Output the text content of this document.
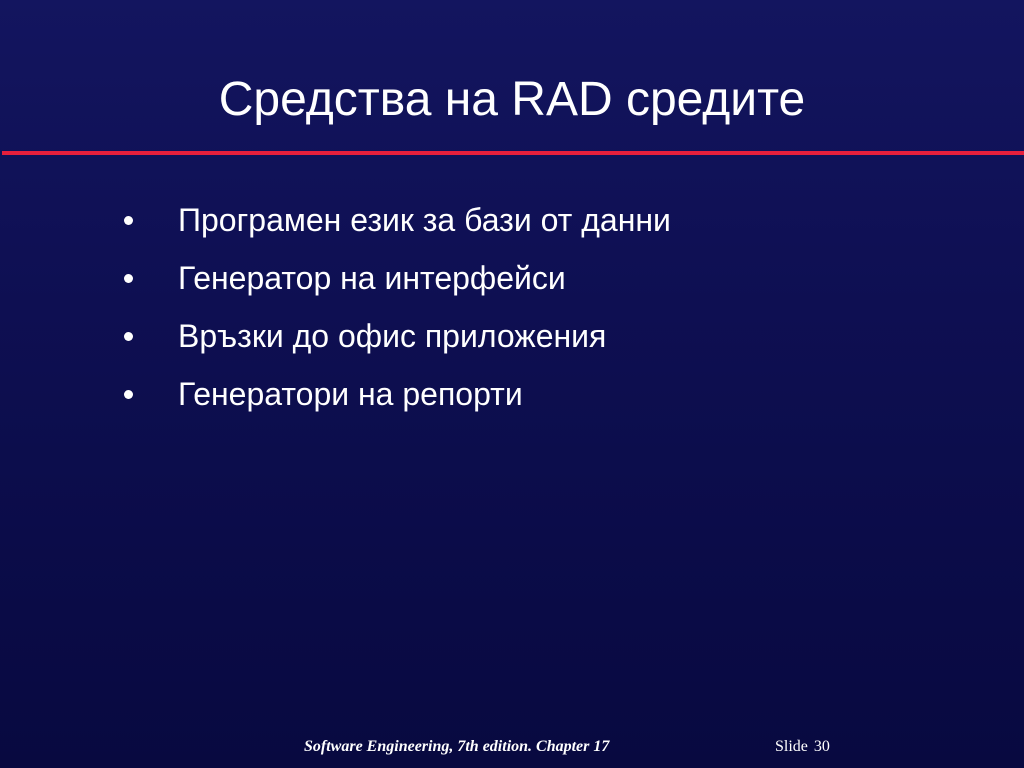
Средства на RAD средите
Програмен език за бази от данни
Генератор на интерфейси
Връзки до офис приложения
Генератори на репорти
Software Engineering, 7th edition. Chapter 17	Slide 30
